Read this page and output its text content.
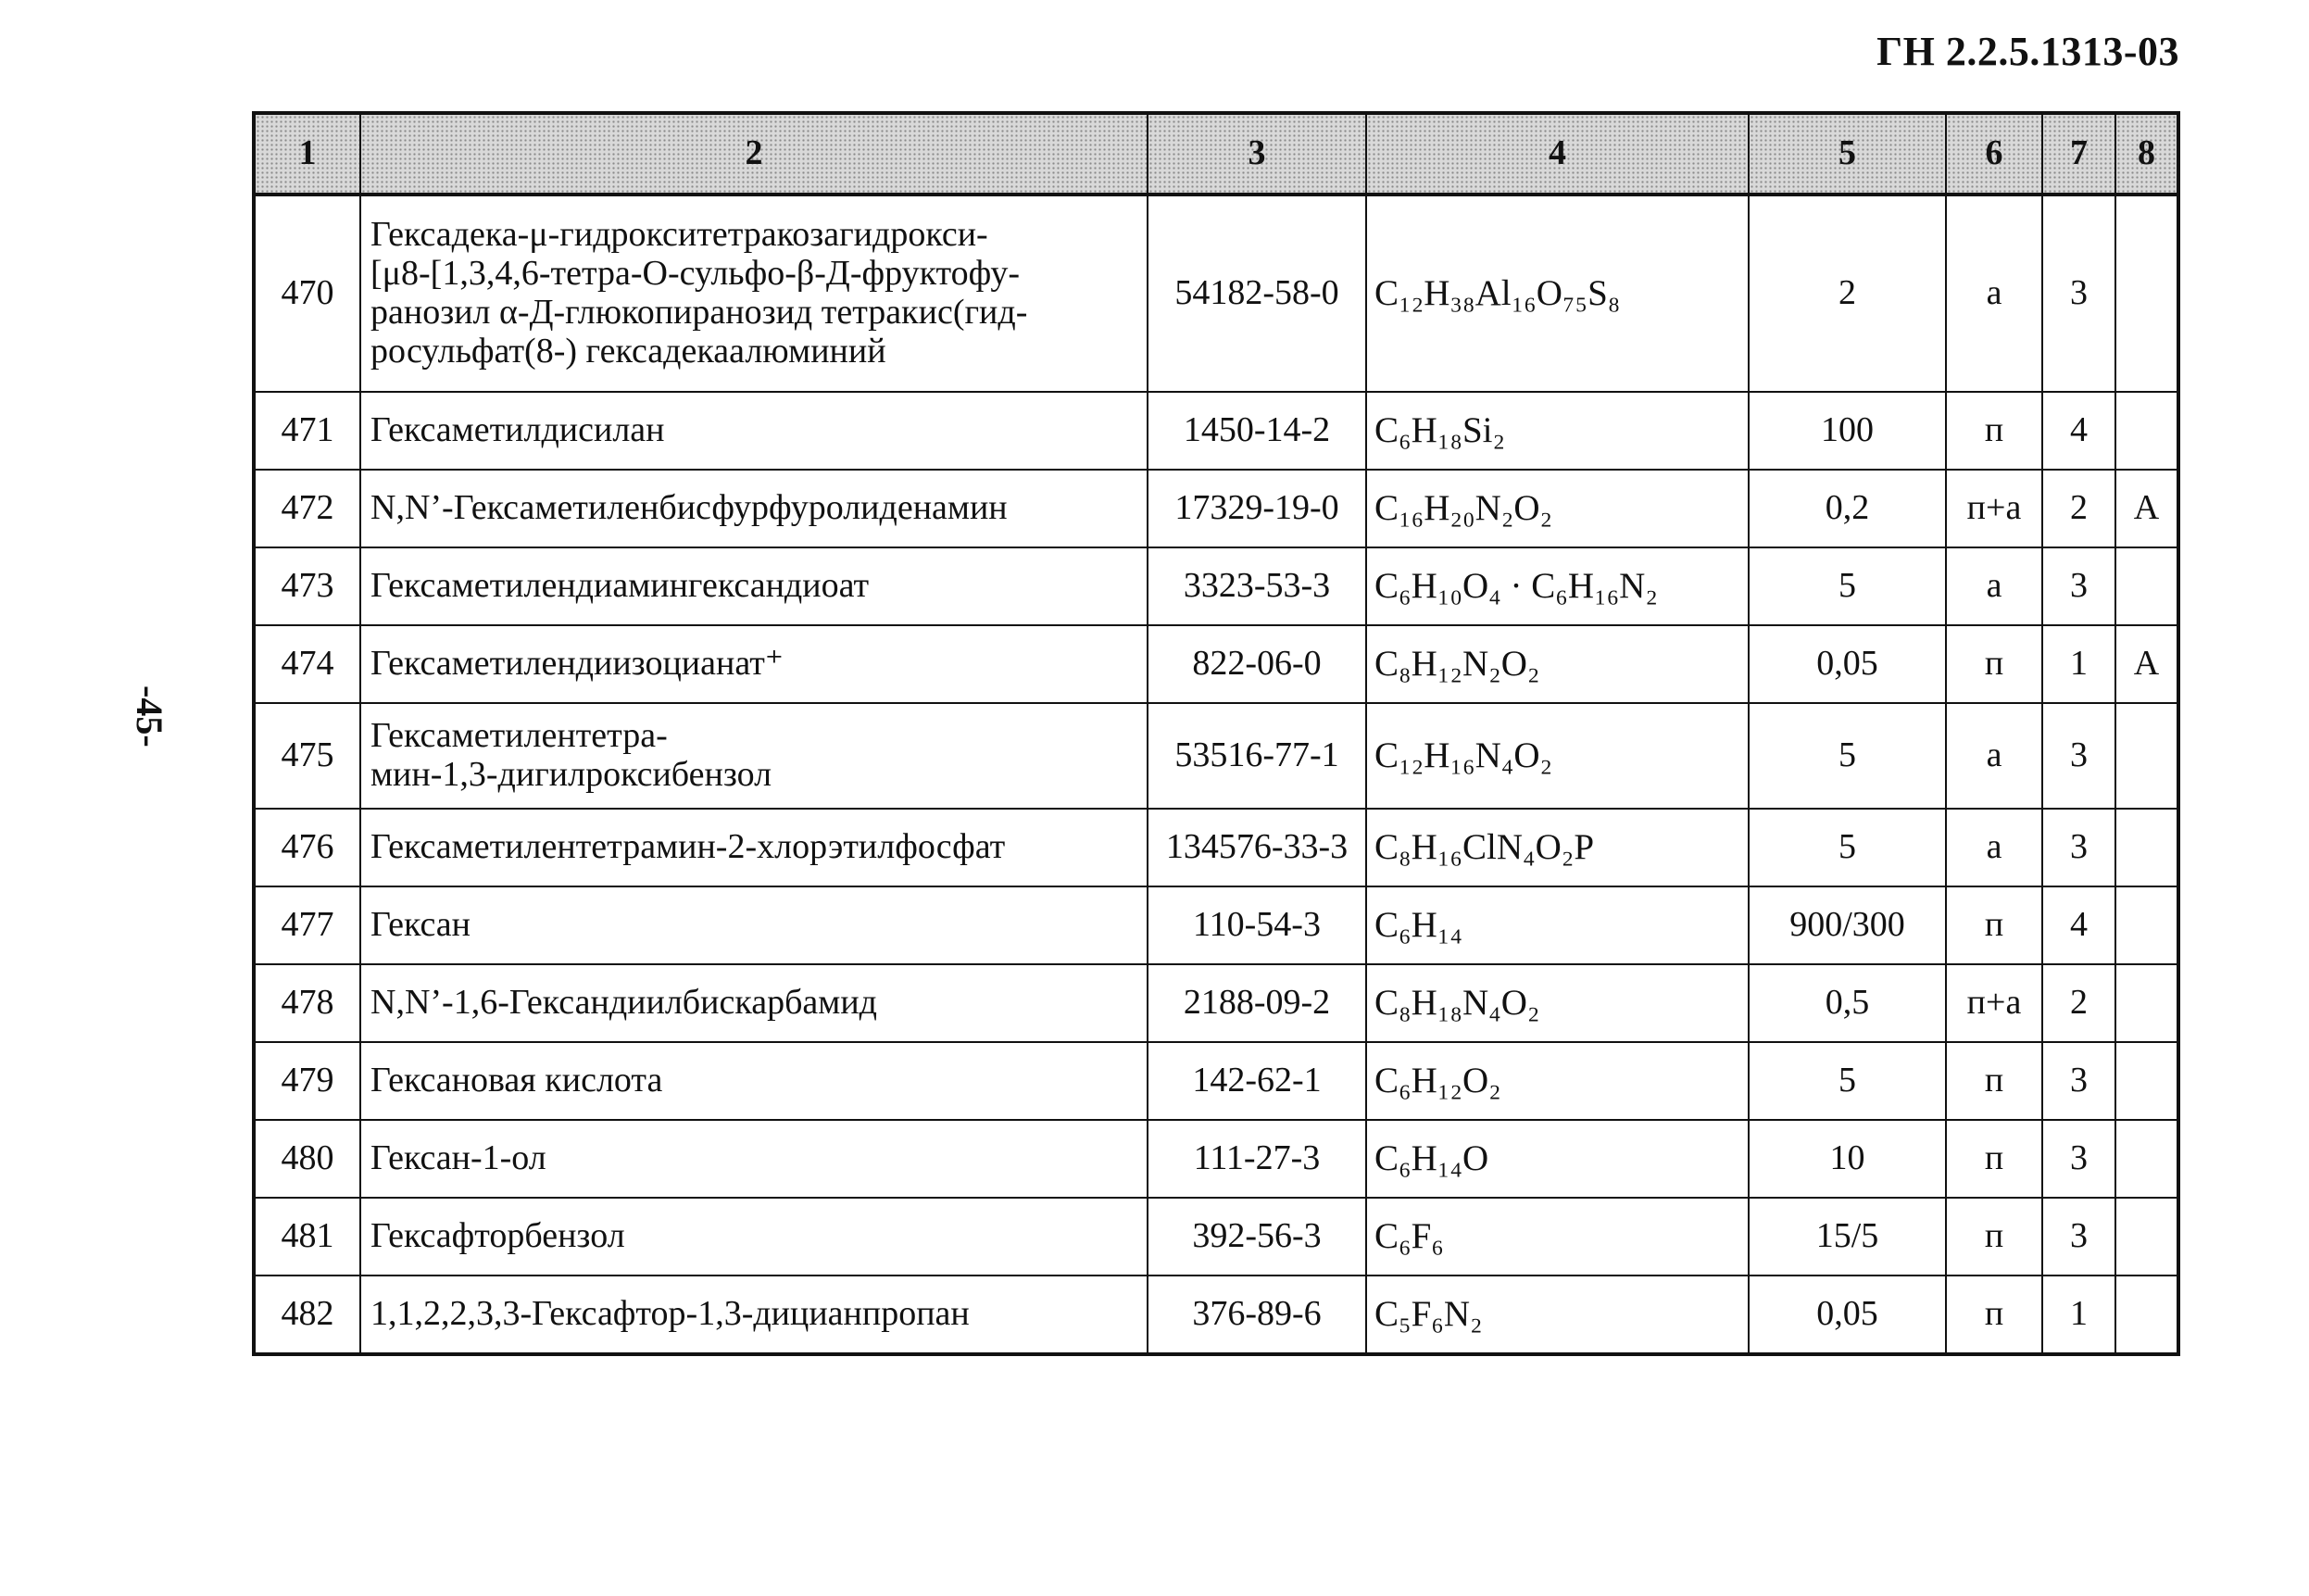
ГН 2.2.5.1313-03
-45-
1	2	3	4	5	6	7	8
470	Гексадека-μ-гидрокситетракозагидрокси-
[μ8-[1,3,4,6-тетра-О-сульфо-β-Д-фруктофу-
ранозил α-Д-глюкопиранозид тетракис(гид-
росульфат(8-) гексадекаалюминий	54182-58-0	C₁₂H₃₈Al₁₆O₇₅S₈	2	а	3	
471	Гексаметилдисилан	1450-14-2	C₆H₁₈Si₂	100	п	4	
472	N,N’-Гексаметиленбисфурфуролиденамин	17329-19-0	C₁₆H₂₀N₂O₂	0,2	п+а	2	А
473	Гексаметилендиамингександиоат	3323-53-3	C₆H₁₀O₄ · C₆H₁₆N₂	5	а	3	
474	Гексаметилендиизоцианат⁺	822-06-0	C₈H₁₂N₂O₂	0,05	п	1	А
475	Гексаметилентетра-
мин-1,3-дигилроксибензол	53516-77-1	C₁₂H₁₆N₄O₂	5	а	3	
476	Гексаметилентетрамин-2-хлорэтилфосфат	134576-33-3	C₈H₁₆ClN₄O₂P	5	а	3	
477	Гексан	110-54-3	C₆H₁₄	900/300	п	4	
478	N,N’-1,6-Гександиилбискарбамид	2188-09-2	C₈H₁₈N₄O₂	0,5	п+а	2	
479	Гексановая кислота	142-62-1	C₆H₁₂O₂	5	п	3	
480	Гексан-1-ол	111-27-3	C₆H₁₄O	10	п	3	
481	Гексафторбензол	392-56-3	C₆F₆	15/5	п	3	
482	1,1,2,2,3,3-Гексафтор-1,3-дицианпропан	376-89-6	C₅F₆N₂	0,05	п	1	
